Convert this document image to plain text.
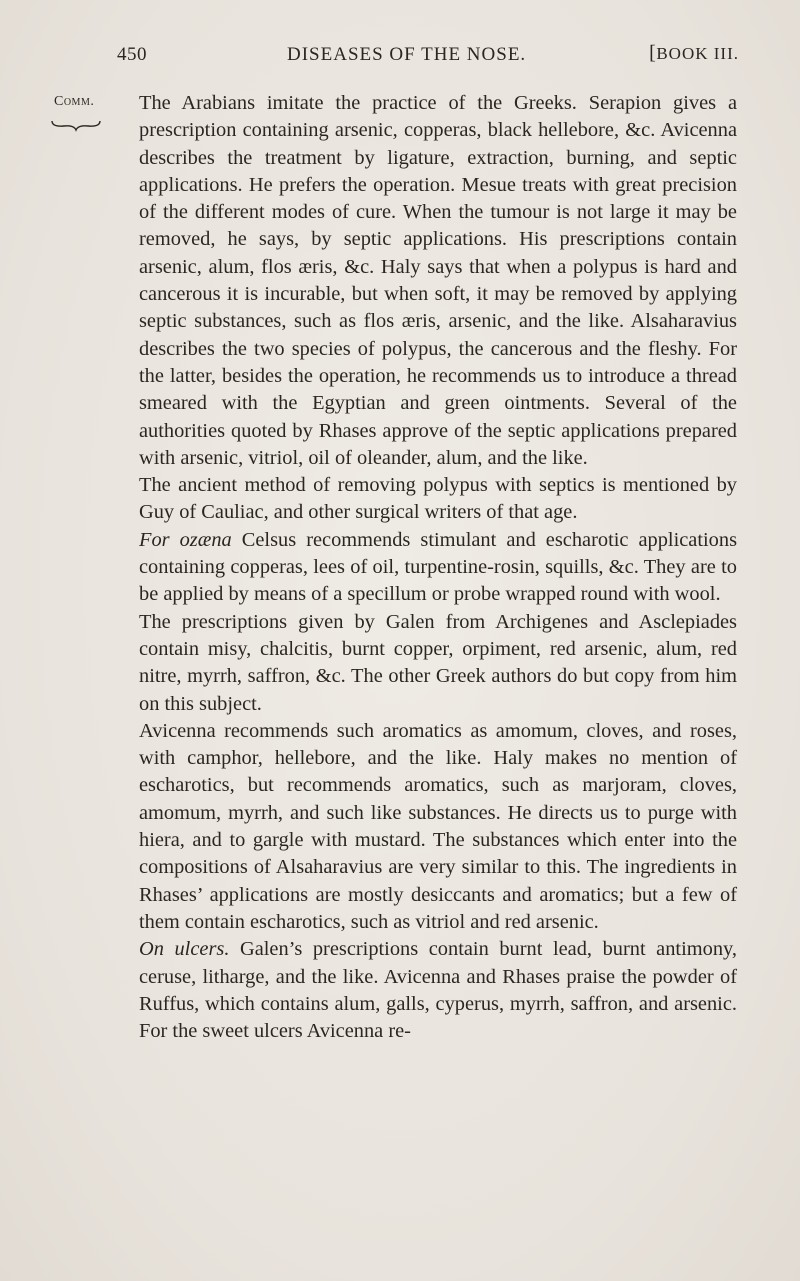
450	DISEASES OF THE NOSE.	[BOOK III.
Comm.	The Arabians imitate the practice of the Greeks. Serapion gives a prescription containing arsenic, copperas, black hellebore, &c. Avicenna describes the treatment by ligature, extraction, burning, and septic applications. He prefers the operation. Mesue treats with great precision of the different modes of cure. When the tumour is not large it may be removed, he says, by septic applications. His prescriptions contain arsenic, alum, flos æris, &c. Haly says that when a polypus is hard and cancerous it is incurable, but when soft, it may be removed by applying septic substances, such as flos æris, arsenic, and the like. Alsaharavius describes the two species of polypus, the cancerous and the fleshy. For the latter, besides the operation, he recommends us to introduce a thread smeared with the Egyptian and green ointments. Several of the authorities quoted by Rhases approve of the septic applications prepared with arsenic, vitriol, oil of oleander, alum, and the like.

The ancient method of removing polypus with septics is mentioned by Guy of Cauliac, and other surgical writers of that age.

For ozæna Celsus recommends stimulant and escharotic applications containing copperas, lees of oil, turpentine-rosin, squills, &c. They are to be applied by means of a specillum or probe wrapped round with wool.

The prescriptions given by Galen from Archigenes and Asclepiades contain misy, chalcitis, burnt copper, orpiment, red arsenic, alum, red nitre, myrrh, saffron, &c. The other Greek authors do but copy from him on this subject.

Avicenna recommends such aromatics as amomum, cloves, and roses, with camphor, hellebore, and the like. Haly makes no mention of escharotics, but recommends aromatics, such as marjoram, cloves, amomum, myrrh, and such like substances. He directs us to purge with hiera, and to gargle with mustard. The substances which enter into the compositions of Alsaharavius are very similar to this. The ingredients in Rhases’ applications are mostly desiccants and aromatics; but a few of them contain escharotics, such as vitriol and red arsenic.

On ulcers. Galen’s prescriptions contain burnt lead, burnt antimony, ceruse, litharge, and the like. Avicenna and Rhases praise the powder of Ruffus, which contains alum, galls, cyperus, myrrh, saffron, and arsenic. For the sweet ulcers Avicenna re-
